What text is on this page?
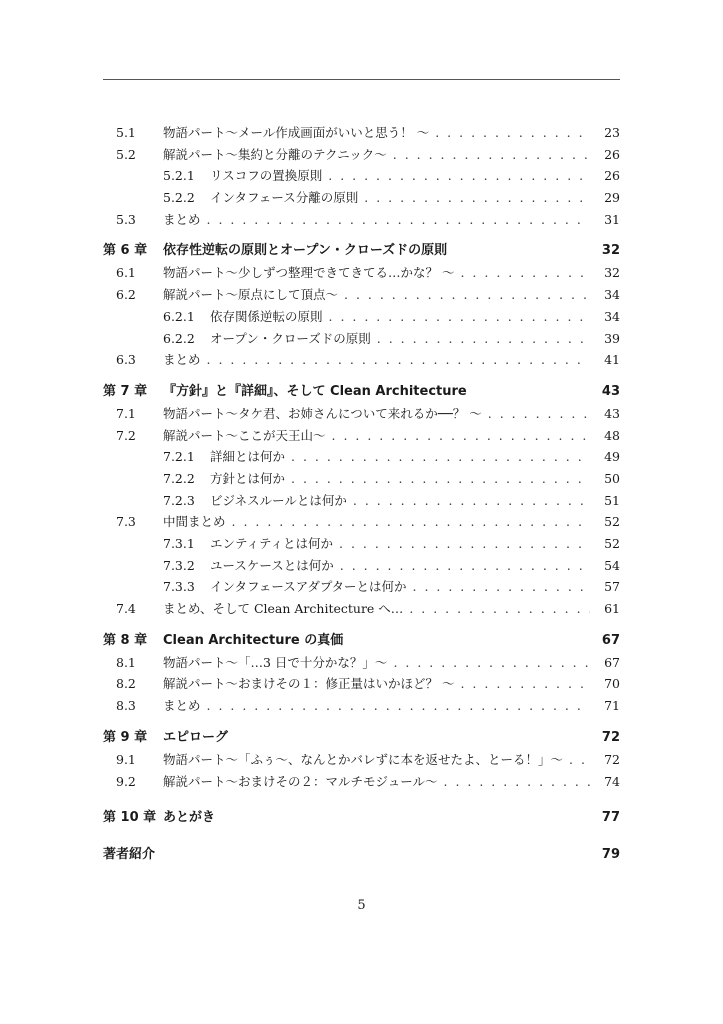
5.1 物語パート〜メール作成画面がいいと思う！ 〜 . . .	23
5.2 解説パート〜集約と分離のテクニック〜 . . .	26
5.2.1 リスコフの置換原則 . . .	26
5.2.2 インタフェース分離の原則 . . .	29
5.3 まとめ . . .	31
第 6 章 依存性逆転の原則とオープン・クローズドの原則	32
6.1 物語パート〜少しずつ整理できてきてる…かな？ 〜 . . .	32
6.2 解説パート〜原点にして頂点〜 . . .	34
6.2.1 依存関係逆転の原則 . . .	34
6.2.2 オープン・クローズドの原則 . . .	39
6.3 まとめ . . .	41
第 7 章 『方針』と『詳細』、そして Clean Architecture	43
7.1 物語パート〜タケ君、お姉さんについて来れるか──？ 〜 . . .	43
7.2 解説パート〜ここが天王山〜 . . .	48
7.2.1 詳細とは何か . . .	49
7.2.2 方針とは何か . . .	50
7.2.3 ビジネスルールとは何か . . .	51
7.3 中間まとめ . . .	52
7.3.1 エンティティとは何か . . .	52
7.3.2 ユースケースとは何か . . .	54
7.3.3 インタフェースアダプターとは何か . . .	57
7.4 まとめ、そして Clean Architecture へ… . . .	61
第 8 章 Clean Architecture の真価	67
8.1 物語パート〜「…3 日で十分かな？」〜 . . .	67
8.2 解説パート〜おまけその１：修正量はいかほど？ 〜 . . .	70
8.3 まとめ . . .	71
第 9 章 エピローグ	72
9.1 物語パート〜「ふぅ〜、なんとかバレずに本を返せたよ、とーる！」〜 . . .	72
9.2 解説パート〜おまけその２：マルチモジュール〜 . . .	74
第 10 章 あとがき	77
著者紹介	79
5
